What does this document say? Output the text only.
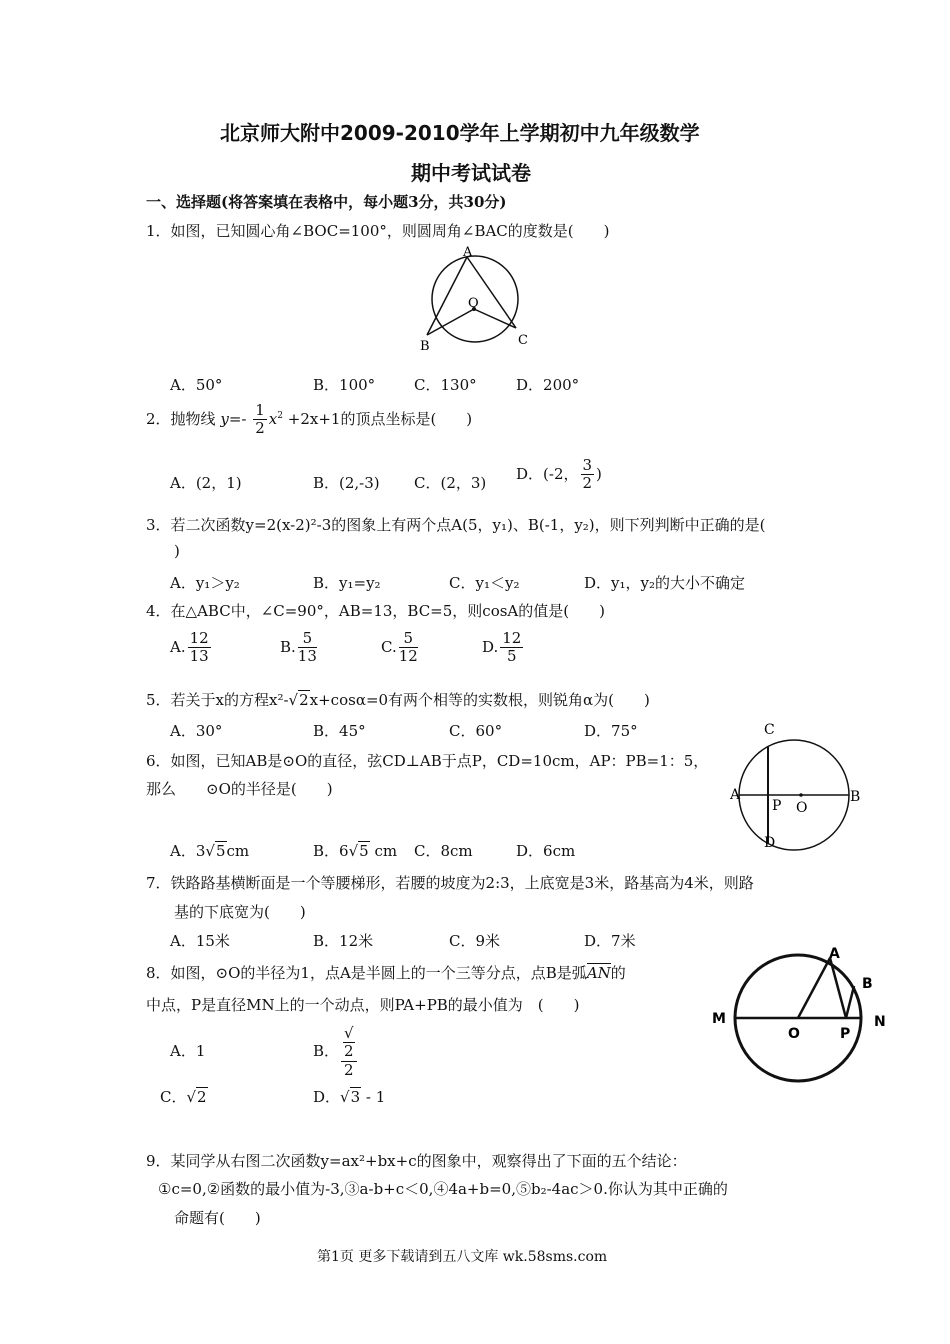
北京师大附中2009-2010学年上学期初中九年级数学
期中考试试卷
一、选择题(将答案填在表格中，每小题3分，共30分)
1．如图，已知圆心角∠BOC=100°，则圆周角∠BAC的度数是(　　)
A
O
B	C
A．50°	B．100°	C．130°	D．200°
2．抛物线 $y=- \frac{1}{2} x^2 +2x+1$的顶点坐标是(　　)
A．(2，1)	B．(2,-3) C．(2，3)
D．(-2， $\frac{3}{2}$ )
3．若二次函数y=2(x-2)²-3的图象上有两个点A(5，y₁)、B(-1，y₂)，则下列判断中正确的是(
)
A．y₁＞y₂	B．y₁=y₂	C．y₁＜y₂	D．y₁，y₂的大小不确定
4．在△ABC中，∠C=90°，AB=13，BC=5，则cosA的值是(　　)
A. $\frac{12}{13}$	B. $\frac{5}{13}$	C. $\frac{5}{12}$	D. $\frac{12}{5}$
5．若关于x的方程x²-√2x+cosα=0有两个相等的实数根，则锐角α为(　　)
A．30°	B．45°	C．60°	D．75°
6．如图，已知AB是⊙O的直径，弦CD⊥AB于点P，CD=10cm，AP：PB=1：5，
那么　　⊙O的半径是(　　)
C
A
P O
B
D
A．3√5cm	B．6√5 cm C．8cm	D．6cm
7．铁路路基横断面是一个等腰梯形，若腰的坡度为2:3，上底宽是3米，路基高为4米，则路
基的下底宽为(　　)
A．15米	B．12米	C．9米	D．7米
8．如图，⊙O的半径为1，点A是半圆上的一个三等分点，点B是弧AN的
中点，P是直径MN上的一个动点，则PA+PB的最小值为　(　　)
M
O	P
N
A
B
A．1	B． √
2
2
C．√2	D．√3 - 1
9．某同学从右图二次函数y=ax²+bx+c的图象中，观察得出了下面的五个结论：
①c=0,②函数的最小值为-3,③a-b+c＜0,④4a+b=0,⑤b₂-4ac＞0.你认为其中正确的
命题有(　　)
第1页 更多下载请到五八文库 wk.58sms.com
